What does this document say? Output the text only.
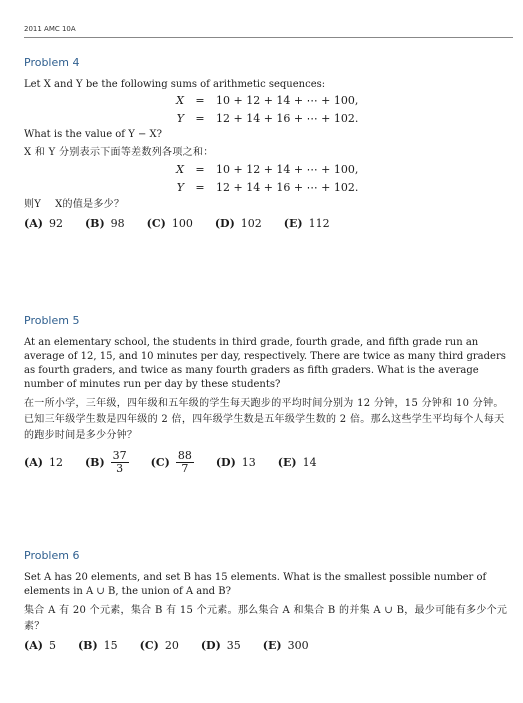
2011 AMC 10A

Problem 4

Let X and Y be the following sums of arithmetic sequences:

X	=	10 + 12 + 14 + ⋯ + 100,
Y	=	12 + 14 + 16 + ⋯ + 102.

What is the value of Y − X?

X 和 Y 分别表示下面等差数列各项之和：

X	=	10 + 12 + 14 + ⋯ + 100,
Y	=	12 + 14 + 16 + ⋯ + 102.

则Y    X的值是多少？

(A) 92 (B) 98 (C) 100 (D) 102 (E) 112

Problem 5

At an elementary school, the students in third grade, fourth grade, and fifth grade run an average of 12, 15, and 10 minutes per day, respectively. There are twice as many third graders as fourth graders, and twice as many fourth graders as fifth graders. What is the average number of minutes run per day by these students?

在一所小学，三年级，四年级和五年级的学生每天跑步的平均时间分别为 12 分钟，15 分钟和 10 分钟。已知三年级学生数是四年级的 2 倍，四年级学生数是五年级学生数的 2 倍。那么这些学生平均每个人每天的跑步时间是多少分钟？

(A) 12 $(B) \frac{37}{3} (C) \frac{88}{7} (D)$ 13 (E) 14

Problem 6

Set A has 20 elements, and set B has 15 elements. What is the smallest possible number of elements in A ∪ B, the union of A and B?

集合 A 有 20 个元素，集合 B 有 15 个元素。那么集合 A 和集合 B 的并集 A ∪ B，最少可能有多少个元素？

(A) 5 (B) 15 (C) 20 (D) 35 (E) 300
